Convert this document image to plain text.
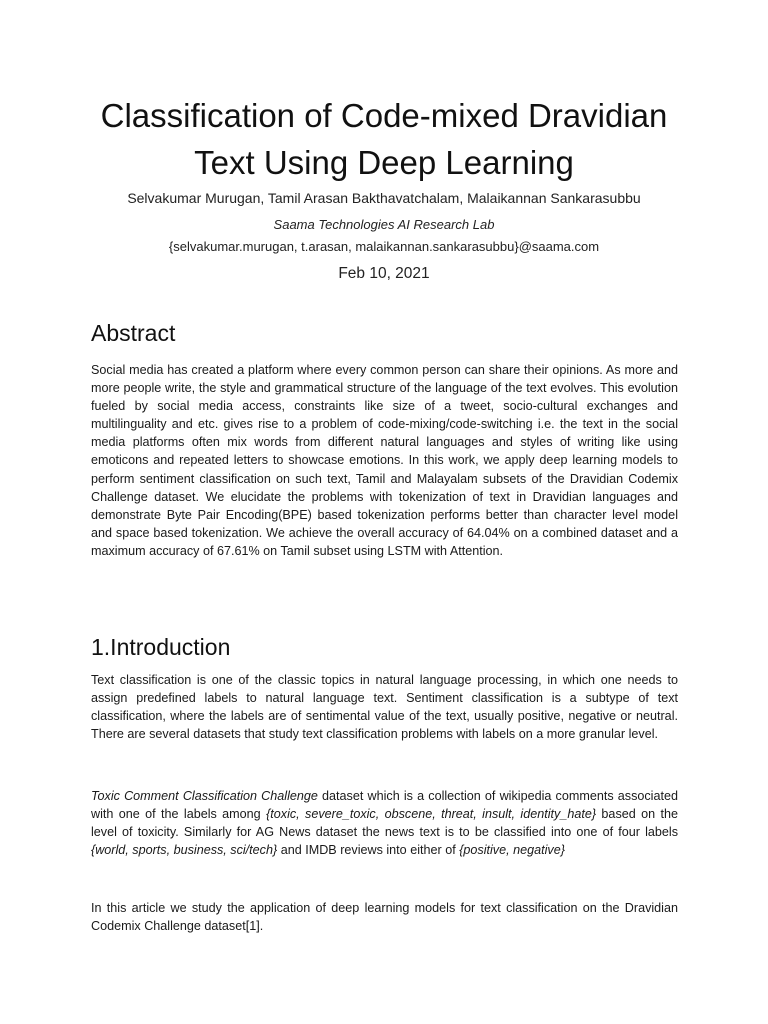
Classification of Code-mixed Dravidian
Text Using Deep Learning
Selvakumar Murugan, Tamil Arasan Bakthavatchalam, Malaikannan Sankarasubbu
Saama Technologies AI Research Lab
{selvakumar.murugan, t.arasan, malaikannan.sankarasubbu}@saama.com
Feb 10, 2021
Abstract

Social media has created a platform where every common person can share their opinions. As more and more people write, the style and grammatical structure of the language of the text evolves. This evolution fueled by social media access, constraints like size of a tweet, socio-cultural exchanges and multilinguality and etc. gives rise to a problem of code-mixing/code-switching i.e. the text in the social media platforms often mix words from different natural languages and styles of writing like using emoticons and repeated letters to showcase emotions. In this work, we apply deep learning models to perform sentiment classification on such text, Tamil and Malayalam subsets of the Dravidian Codemix Challenge dataset. We elucidate the problems with tokenization of text in Dravidian languages and demonstrate Byte Pair Encoding(BPE) based tokenization performs better than character level model and space based tokenization. We achieve the overall accuracy of 64.04% on a combined dataset and a maximum accuracy of 67.61% on Tamil subset using LSTM with Attention.

1.Introduction

Text classification is one of the classic topics in natural language processing, in which one needs to assign predefined labels to natural language text. Sentiment classification is a subtype of text classification, where the labels are of sentimental value of the text, usually positive, negative or neutral. There are several datasets that study text classification problems with labels on a more granular level.

Toxic Comment Classification Challenge dataset which is a collection of wikipedia comments associated with one of the labels among {toxic, severe_toxic, obscene, threat, insult, identity_hate} based on the level of toxicity. Similarly for AG News dataset the news text is to be classified into one of four labels {world, sports, business, sci/tech} and IMDB reviews into either of {positive, negative}

In this article we study the application of deep learning models for text classification on the Dravidian Codemix Challenge dataset[1].
